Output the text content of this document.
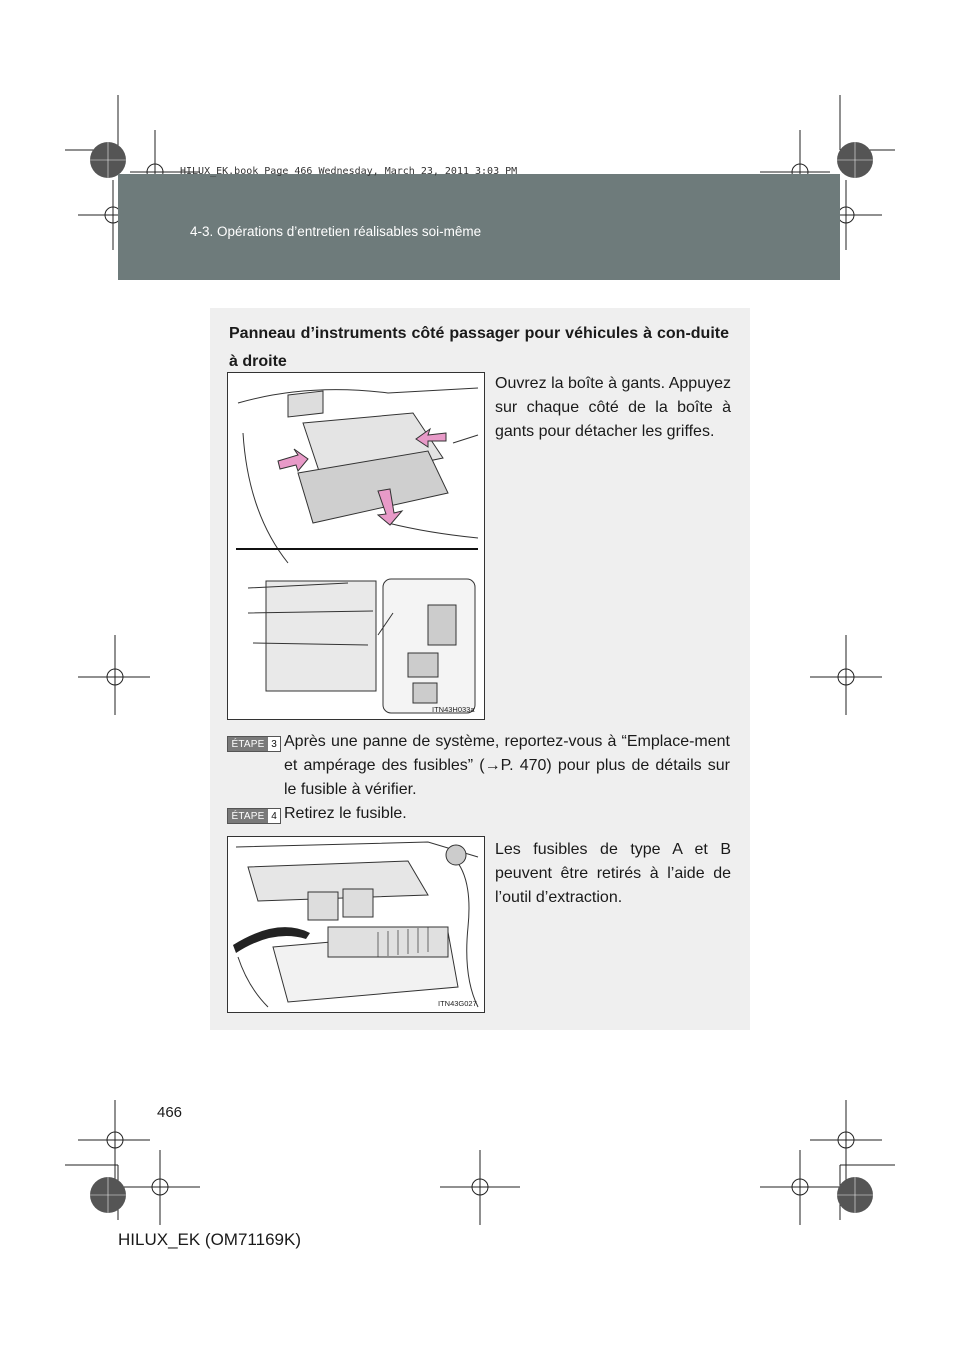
HILUX_EK.book Page 466 Wednesday, March 23, 2011 3:03 PM
4-3. Opérations d’entretien réalisables soi-même

Panneau d’instruments côté passager pour véhicules à con-duite à droite

ITN43H033a

Ouvrez la boîte à gants. Appuyez sur chaque côté de la boîte à gants pour détacher les griffes.

ÉTAPE 3 Après une panne de système, reportez-vous à “Emplace-ment et ampérage des fusibles” (→P. 470) pour plus de détails sur le fusible à vérifier.

ÉTAPE 4 Retirez le fusible.

ITN43G027

Les fusibles de type A et B peuvent être retirés à l’aide de l’outil d’extraction.

466
HILUX_EK (OM71169K)
